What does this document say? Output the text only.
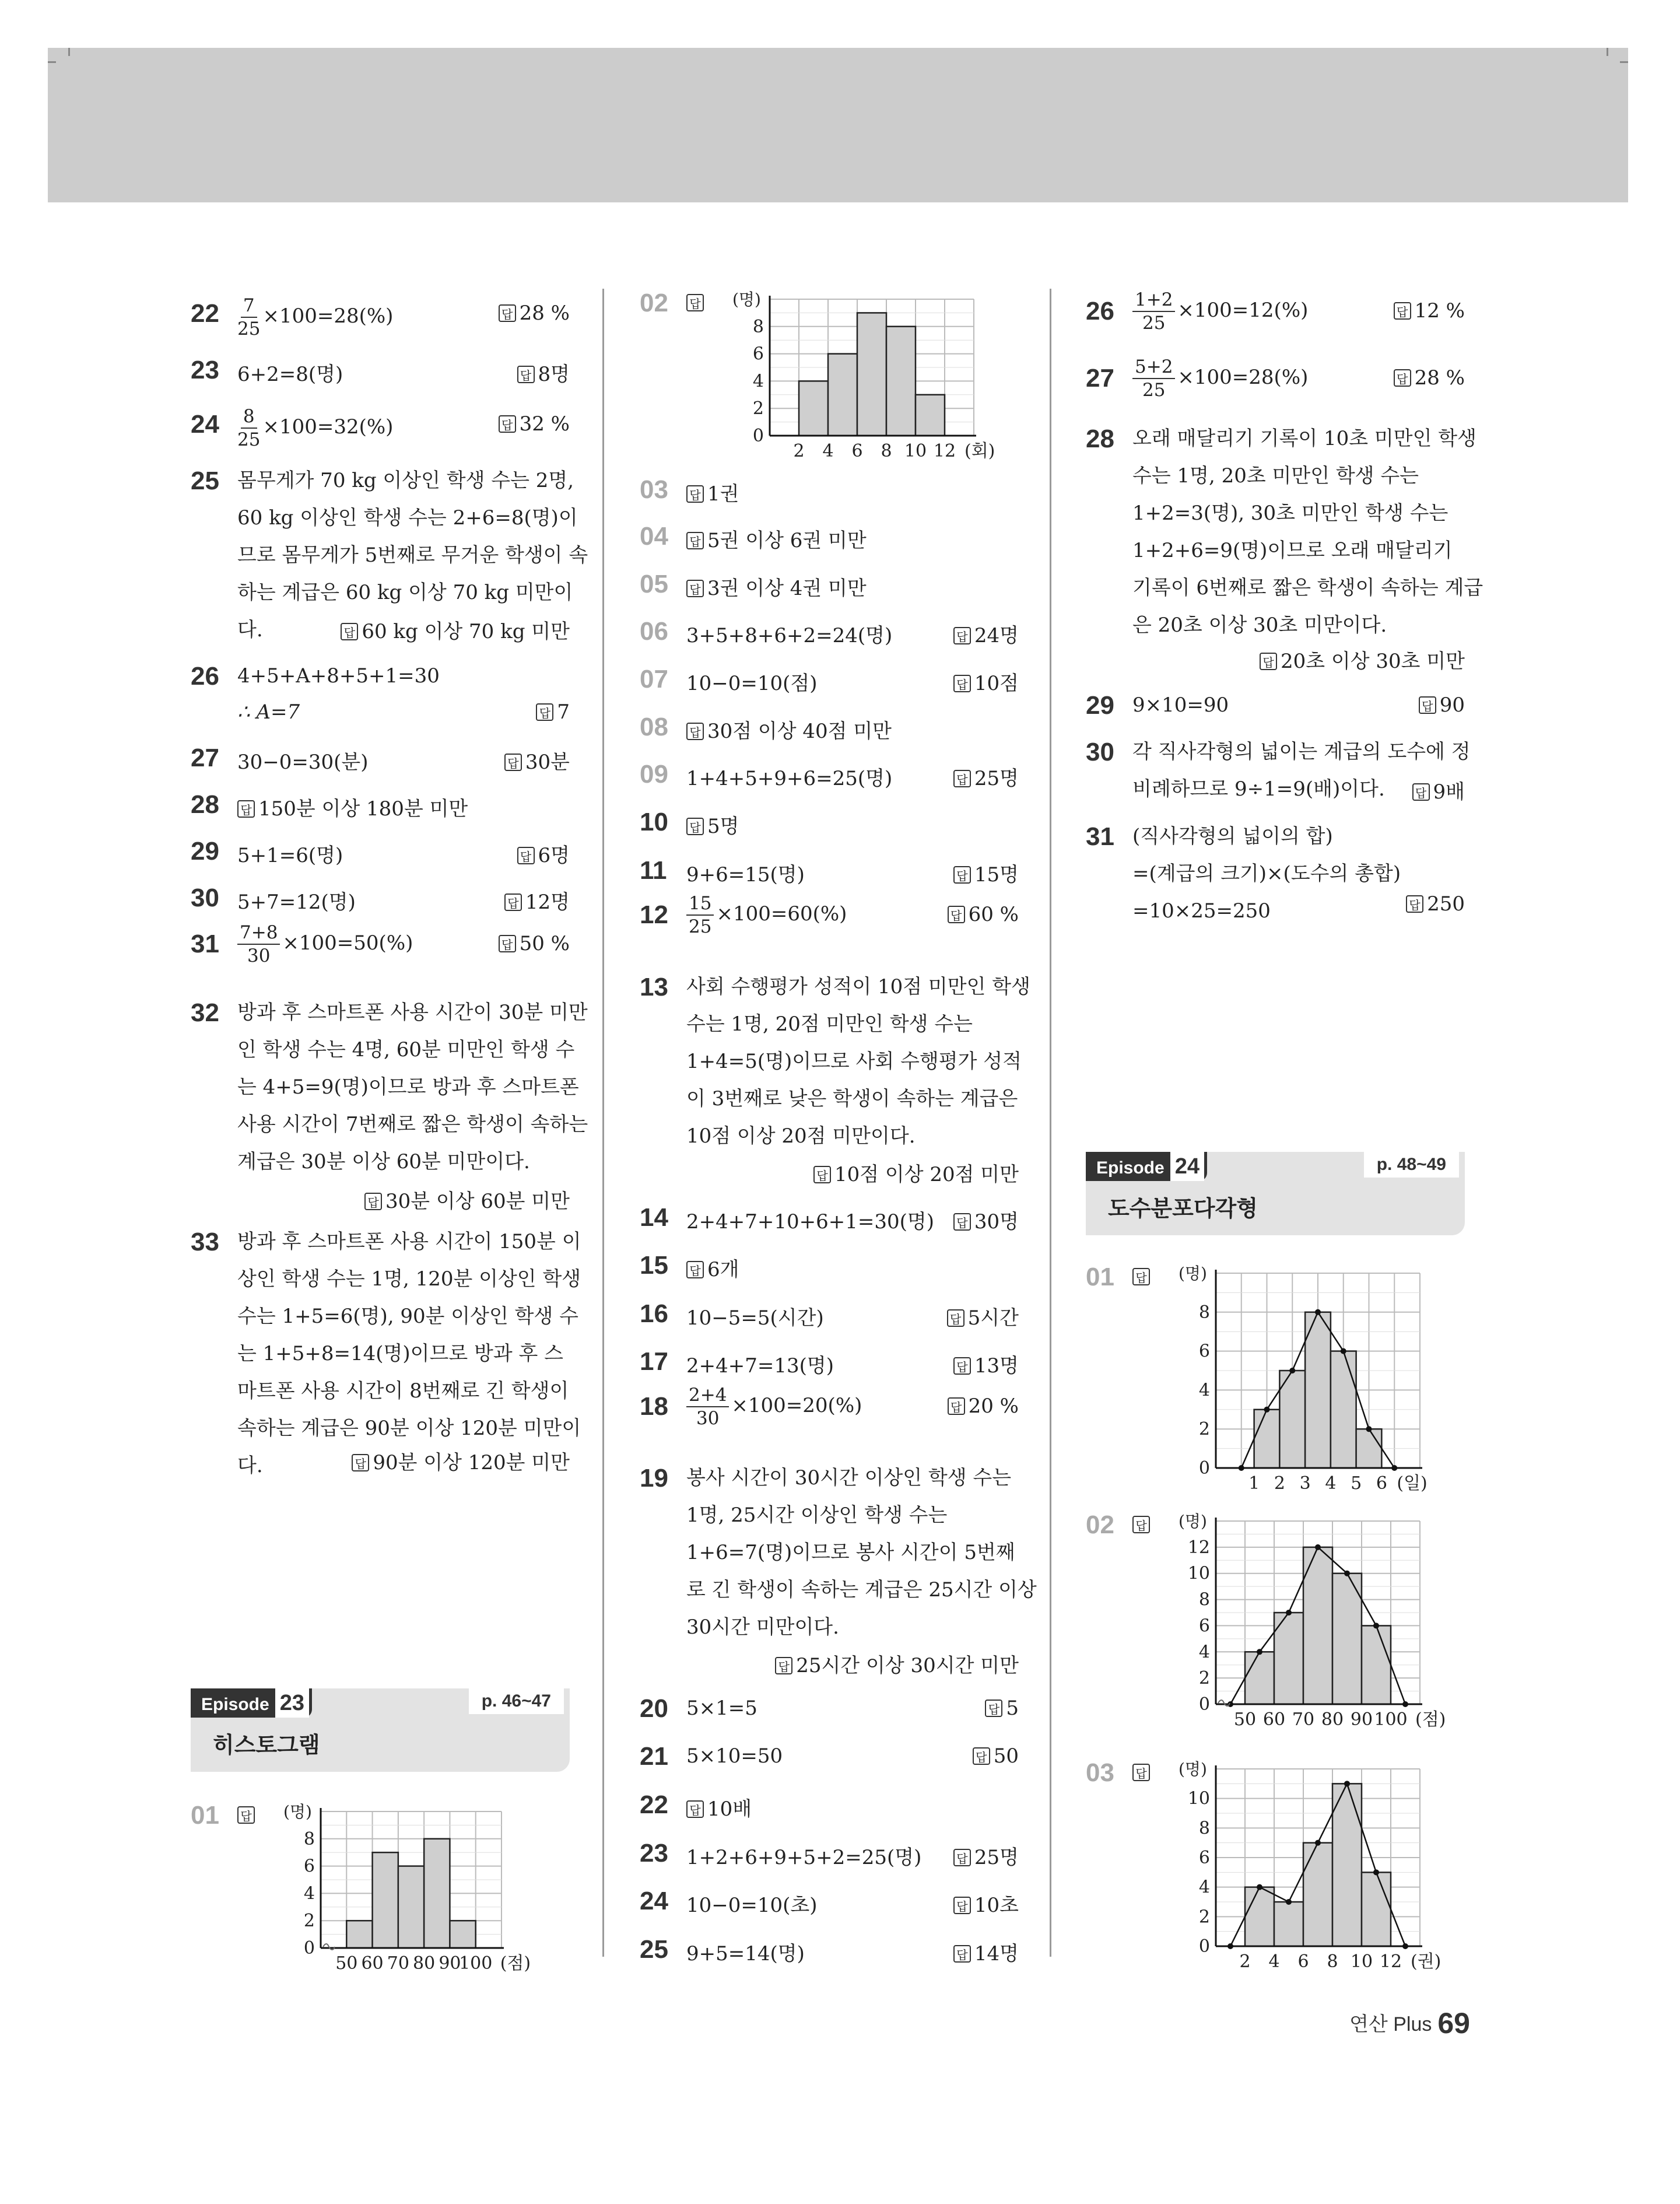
$22 \frac{7}{25} \times 100=28(\%)$	답 28 %
23 6+2=8(명)	답 8명
$24 \frac{8}{25} \times 100=32(\%)$	답 32 %
25 몸무게가 70 kg 이상인 학생 수는 2명,
60 kg 이상인 학생 수는 2+6=8(명)이
므로 몸무게가 5번째로 무거운 학생이 속
하는 계급은 60 kg 이상 70 kg 미만이
다.	답 60 kg 이상 70 kg 미만
26 4+5+A+8+5+1=30
∴ A=7	답 7
27 30−0=30(분)	답 30분
28 답 150분 이상 180분 미만
29 5+1=6(명)	답 6명
30 5+7=12(명)	답 12명
$31 \frac{7+8}{30} \times 100=50(\%)$	답 50 %
32 방과 후 스마트폰 사용 시간이 30분 미만
인 학생 수는 4명, 60분 미만인 학생 수
는 4+5=9(명)이므로 방과 후 스마트폰
사용 시간이 7번째로 짧은 학생이 속하는
계급은 30분 이상 60분 미만이다.
답 30분 이상 60분 미만
33 방과 후 스마트폰 사용 시간이 150분 이
상인 학생 수는 1명, 120분 이상인 학생
수는 1+5=6(명), 90분 이상인 학생 수
는 1+5+8=14(명)이므로 방과 후 스
마트폰 사용 시간이 8번째로 긴 학생이
속하는 계급은 90분 이상 120분 미만이
다.	답 90분 이상 120분 미만
Episode 23	p. 46~47
히스토그램
01 답
0
2
4
6
8
(명)
50 60 70 80 90
100 (점)
02 답
0
2
4
6
8
(명)
2 4 6 8 10 12 (회)
03 답 1권
04 답 5권 이상 6권 미만
05 답 3권 이상 4권 미만
06 3+5+8+6+2=24(명)	답 24명
07 10−0=10(점)	답 10점
08 답 30점 이상 40점 미만
09 1+4+5+9+6=25(명)	답 25명
10 답 5명
11 9+6=15(명)	답 15명
$12 \frac{15}{25} \times 100=60(\%)$	답 60 %
13 사회 수행평가 성적이 10점 미만인 학생
수는 1명, 20점 미만인 학생 수는
1+4=5(명)이므로 사회 수행평가 성적
이 3번째로 낮은 학생이 속하는 계급은
10점 이상 20점 미만이다.
답 10점 이상 20점 미만
14 2+4+7+10+6+1=30(명) 답 30명
15 답 6개
16 10−5=5(시간)	답 5시간
17 2+4+7=13(명)	답 13명
$18 \frac{2+4}{30} \times 100=20(\%)$	답 20 %
19 봉사 시간이 30시간 이상인 학생 수는
1명, 25시간 이상인 학생 수는
1+6=7(명)이므로 봉사 시간이 5번째
로 긴 학생이 속하는 계급은 25시간 이상
30시간 미만이다.
답 25시간 이상 30시간 미만
20 5×1=5	답 5
21 5×10=50	답 50
22 답 10배
23 1+2+6+9+5+2=25(명)	답 25명
24 10−0=10(초)	답 10초
25 9+5=14(명)	답 14명
$26 \frac{1+2}{25} \times 100=12(\%)$	답 12 %
$27 \frac{5+2}{25} \times 100=28(\%)$	답 28 %
28 오래 매달리기 기록이 10초 미만인 학생
수는 1명, 20초 미만인 학생 수는
1+2=3(명), 30초 미만인 학생 수는
1+2+6=9(명)이므로 오래 매달리기
기록이 6번째로 짧은 학생이 속하는 계급
은 20초 이상 30초 미만이다.
답 20초 이상 30초 미만
29 9×10=90	답 90
30 각 직사각형의 넓이는 계급의 도수에 정
비례하므로 9÷1=9(배)이다.	답 9배
31 (직사각형의 넓이의 합)
=(계급의 크기)×(도수의 총합)
=10×25=250	답 250
Episode 24	p. 48~49
도수분포다각형
01 답
0
2
4
6
8
(명)
1 2 3 4 5 6 (일)
02 답
0
2
4
6
8
10
12
(명)
50 60 70 80 90 100 (점)
03 답
0
2
4
6
8
10
(명)
2 4 6 8 10 12 (권)
연산 Plus 69
